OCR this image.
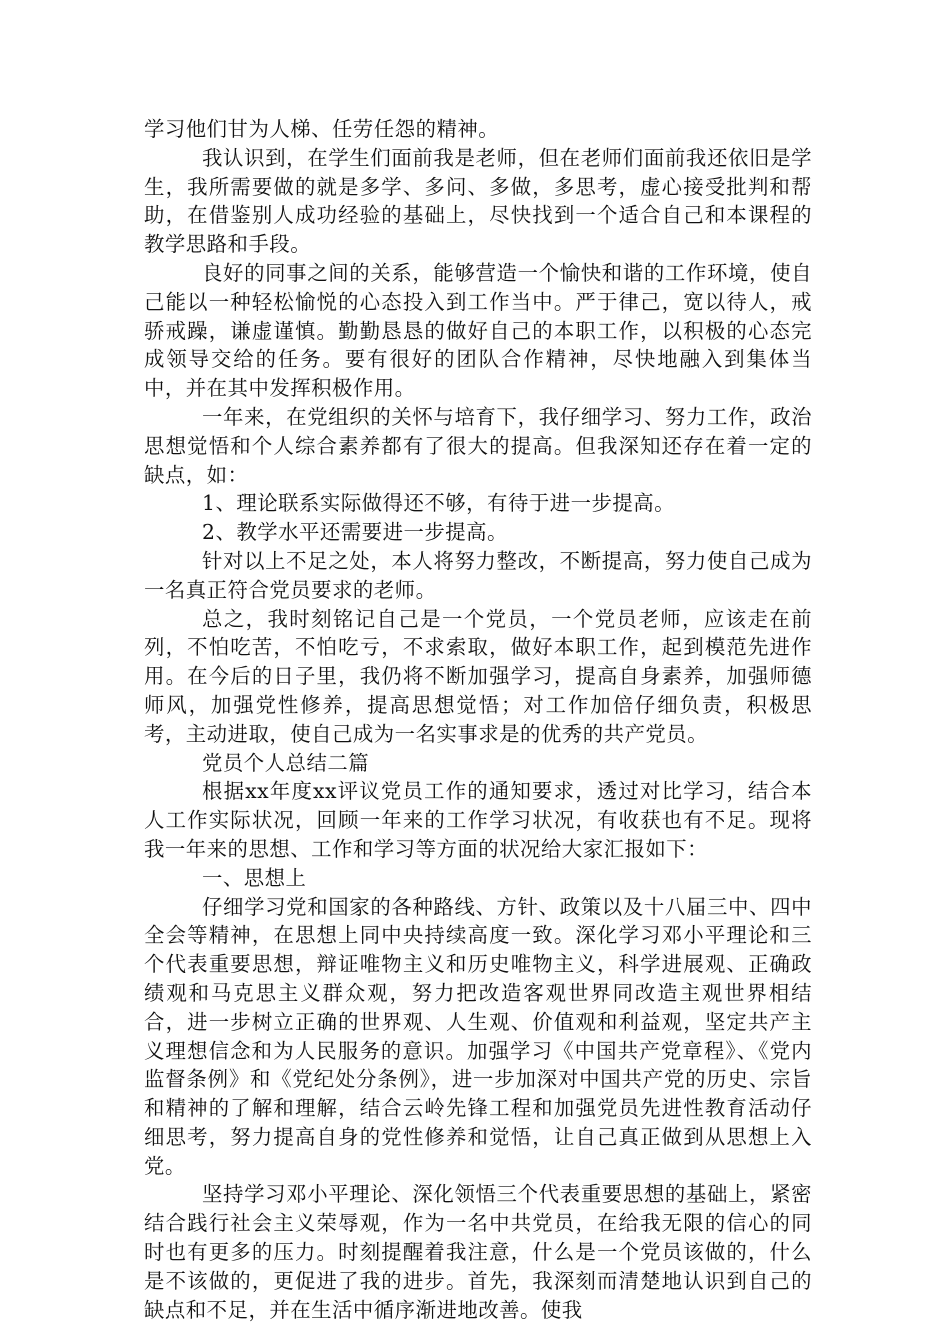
学习他们甘为人梯、任劳任怨的精神。

我认识到，在学生们面前我是老师，但在老师们面前我还依旧是学生，我所需要做的就是多学、多问、多做，多思考，虚心接受批判和帮助，在借鉴别人成功经验的基础上，尽快找到一个适合自己和本课程的教学思路和手段。

良好的同事之间的关系，能够营造一个愉快和谐的工作环境，使自己能以一种轻松愉悦的心态投入到工作当中。严于律己，宽以待人，戒骄戒躁，谦虚谨慎。勤勤恳恳的做好自己的本职工作，以积极的心态完成领导交给的任务。要有很好的团队合作精神，尽快地融入到集体当中，并在其中发挥积极作用。

一年来，在党组织的关怀与培育下，我仔细学习、努力工作，政治思想觉悟和个人综合素养都有了很大的提高。但我深知还存在着一定的缺点，如：

1、理论联系实际做得还不够，有待于进一步提高。

2、教学水平还需要进一步提高。

针对以上不足之处，本人将努力整改，不断提高，努力使自己成为一名真正符合党员要求的老师。

总之，我时刻铭记自己是一个党员，一个党员老师，应该走在前列，不怕吃苦，不怕吃亏，不求索取，做好本职工作，起到模范先进作用。在今后的日子里，我仍将不断加强学习，提高自身素养，加强师德师风，加强党性修养，提高思想觉悟；对工作加倍仔细负责，积极思考，主动进取，使自己成为一名实事求是的优秀的共产党员。

党员个人总结二篇

根据xx年度xx评议党员工作的通知要求，透过对比学习，结合本人工作实际状况，回顾一年来的工作学习状况，有收获也有不足。现将我一年来的思想、工作和学习等方面的状况给大家汇报如下：

一、思想上

仔细学习党和国家的各种路线、方针、政策以及十八届三中、四中全会等精神，在思想上同中央持续高度一致。深化学习邓小平理论和三个代表重要思想，辩证唯物主义和历史唯物主义，科学进展观、正确政绩观和马克思主义群众观，努力把改造客观世界同改造主观世界相结合，进一步树立正确的世界观、人生观、价值观和利益观，坚定共产主义理想信念和为人民服务的意识。加强学习《中国共产党章程》、《党内监督条例》和《党纪处分条例》，进一步加深对中国共产党的历史、宗旨和精神的了解和理解，结合云岭先锋工程和加强党员先进性教育活动仔细思考，努力提高自身的党性修养和觉悟，让自己真正做到从思想上入党。

坚持学习邓小平理论、深化领悟三个代表重要思想的基础上，紧密结合践行社会主义荣辱观，作为一名中共党员，在给我无限的信心的同时也有更多的压力。时刻提醒着我注意，什么是一个党员该做的，什么是不该做的，更促进了我的进步。首先，我深刻而清楚地认识到自己的缺点和不足，并在生活中循序渐进地改善。使我
